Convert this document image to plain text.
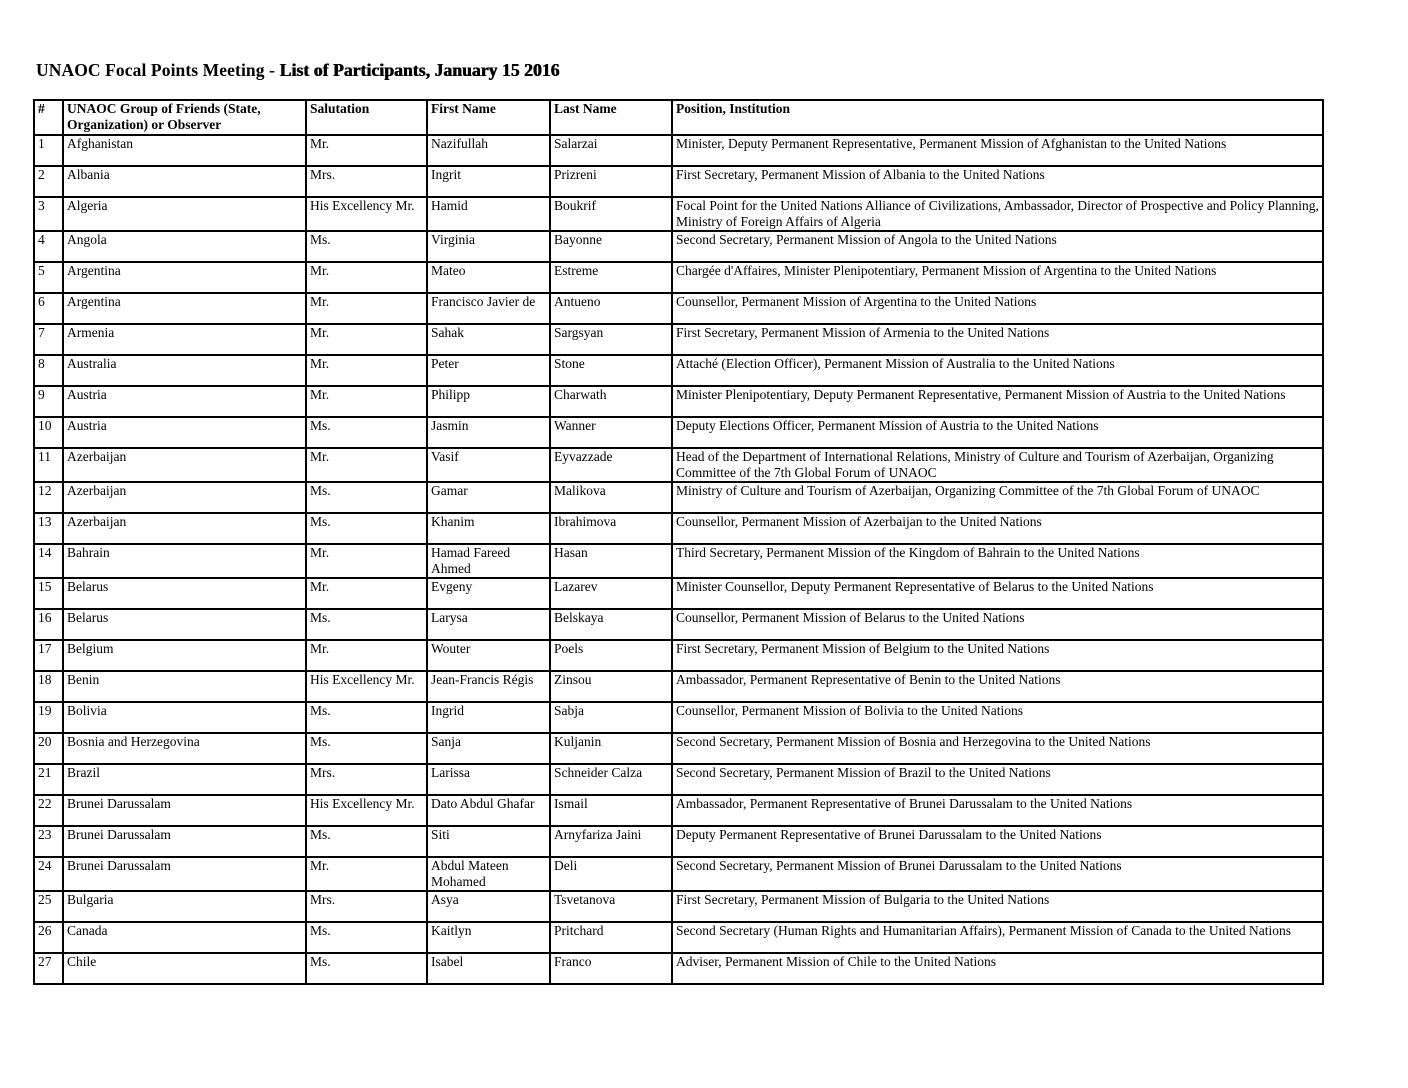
UNAOC Focal Points Meeting - List of Participants, January 15 2016
#	UNAOC Group of Friends (State, Organization) or Observer	Salutation	First Name	Last Name	Position, Institution
1	Afghanistan	Mr.	Nazifullah	Salarzai	Minister, Deputy Permanent Representative, Permanent Mission of Afghanistan to the United Nations
2	Albania	Mrs.	Ingrit	Prizreni	First Secretary, Permanent Mission of Albania to the United Nations
3	Algeria	His Excellency Mr.	Hamid	Boukrif	Focal Point for the United Nations Alliance of Civilizations, Ambassador, Director of Prospective and Policy Planning, Ministry of Foreign Affairs of Algeria
4	Angola	Ms.	Virginia	Bayonne	Second Secretary, Permanent Mission of Angola to the United Nations
5	Argentina	Mr.	Mateo	Estreme	Chargée d'Affaires, Minister Plenipotentiary, Permanent Mission of Argentina to the United Nations
6	Argentina	Mr.	Francisco Javier de	Antueno	Counsellor, Permanent Mission of Argentina to the United Nations
7	Armenia	Mr.	Sahak	Sargsyan	First Secretary, Permanent Mission of Armenia to the United Nations
8	Australia	Mr.	Peter	Stone	Attaché (Election Officer), Permanent Mission of Australia to the United Nations
9	Austria	Mr.	Philipp	Charwath	Minister Plenipotentiary, Deputy Permanent Representative, Permanent Mission of Austria to the United Nations
10	Austria	Ms.	Jasmin	Wanner	Deputy Elections Officer, Permanent Mission of Austria to the United Nations
11	Azerbaijan	Mr.	Vasif	Eyvazzade	Head of the Department of International Relations, Ministry of Culture and Tourism of Azerbaijan, Organizing Committee of the 7th Global Forum of UNAOC
12	Azerbaijan	Ms.	Gamar	Malikova	Ministry of Culture and Tourism of Azerbaijan, Organizing Committee of the 7th Global Forum of UNAOC
13	Azerbaijan	Ms.	Khanim	Ibrahimova	Counsellor, Permanent Mission of Azerbaijan to the United Nations
14	Bahrain	Mr.	Hamad Fareed Ahmed	Hasan	Third Secretary, Permanent Mission of the Kingdom of Bahrain to the United Nations
15	Belarus	Mr.	Evgeny	Lazarev	Minister Counsellor, Deputy Permanent Representative of Belarus to the United Nations
16	Belarus	Ms.	Larysa	Belskaya	Counsellor, Permanent Mission of Belarus to the United Nations
17	Belgium	Mr.	Wouter	Poels	First Secretary, Permanent Mission of Belgium to the United Nations
18	Benin	His Excellency Mr.	Jean-Francis Régis	Zinsou	Ambassador, Permanent Representative of Benin to the United Nations
19	Bolivia	Ms.	Ingrid	Sabja	Counsellor, Permanent Mission of Bolivia to the United Nations
20	Bosnia and Herzegovina	Ms.	Sanja	Kuljanin	Second Secretary, Permanent Mission of Bosnia and Herzegovina to the United Nations
21	Brazil	Mrs.	Larissa	Schneider Calza	Second Secretary, Permanent Mission of Brazil to the United Nations
22	Brunei Darussalam	His Excellency Mr.	Dato Abdul Ghafar	Ismail	Ambassador, Permanent Representative of Brunei Darussalam to the United Nations
23	Brunei Darussalam	Ms.	Siti	Arnyfariza Jaini	Deputy Permanent Representative of Brunei Darussalam to the United Nations
24	Brunei Darussalam	Mr.	Abdul Mateen Mohamed	Deli	Second Secretary, Permanent Mission of Brunei Darussalam to the United Nations
25	Bulgaria	Mrs.	Asya	Tsvetanova	First Secretary, Permanent Mission of Bulgaria to the United Nations
26	Canada	Ms.	Kaitlyn	Pritchard	Second Secretary (Human Rights and Humanitarian Affairs), Permanent Mission of Canada to the United Nations
27	Chile	Ms.	Isabel	Franco	Adviser, Permanent Mission of Chile to the United Nations
